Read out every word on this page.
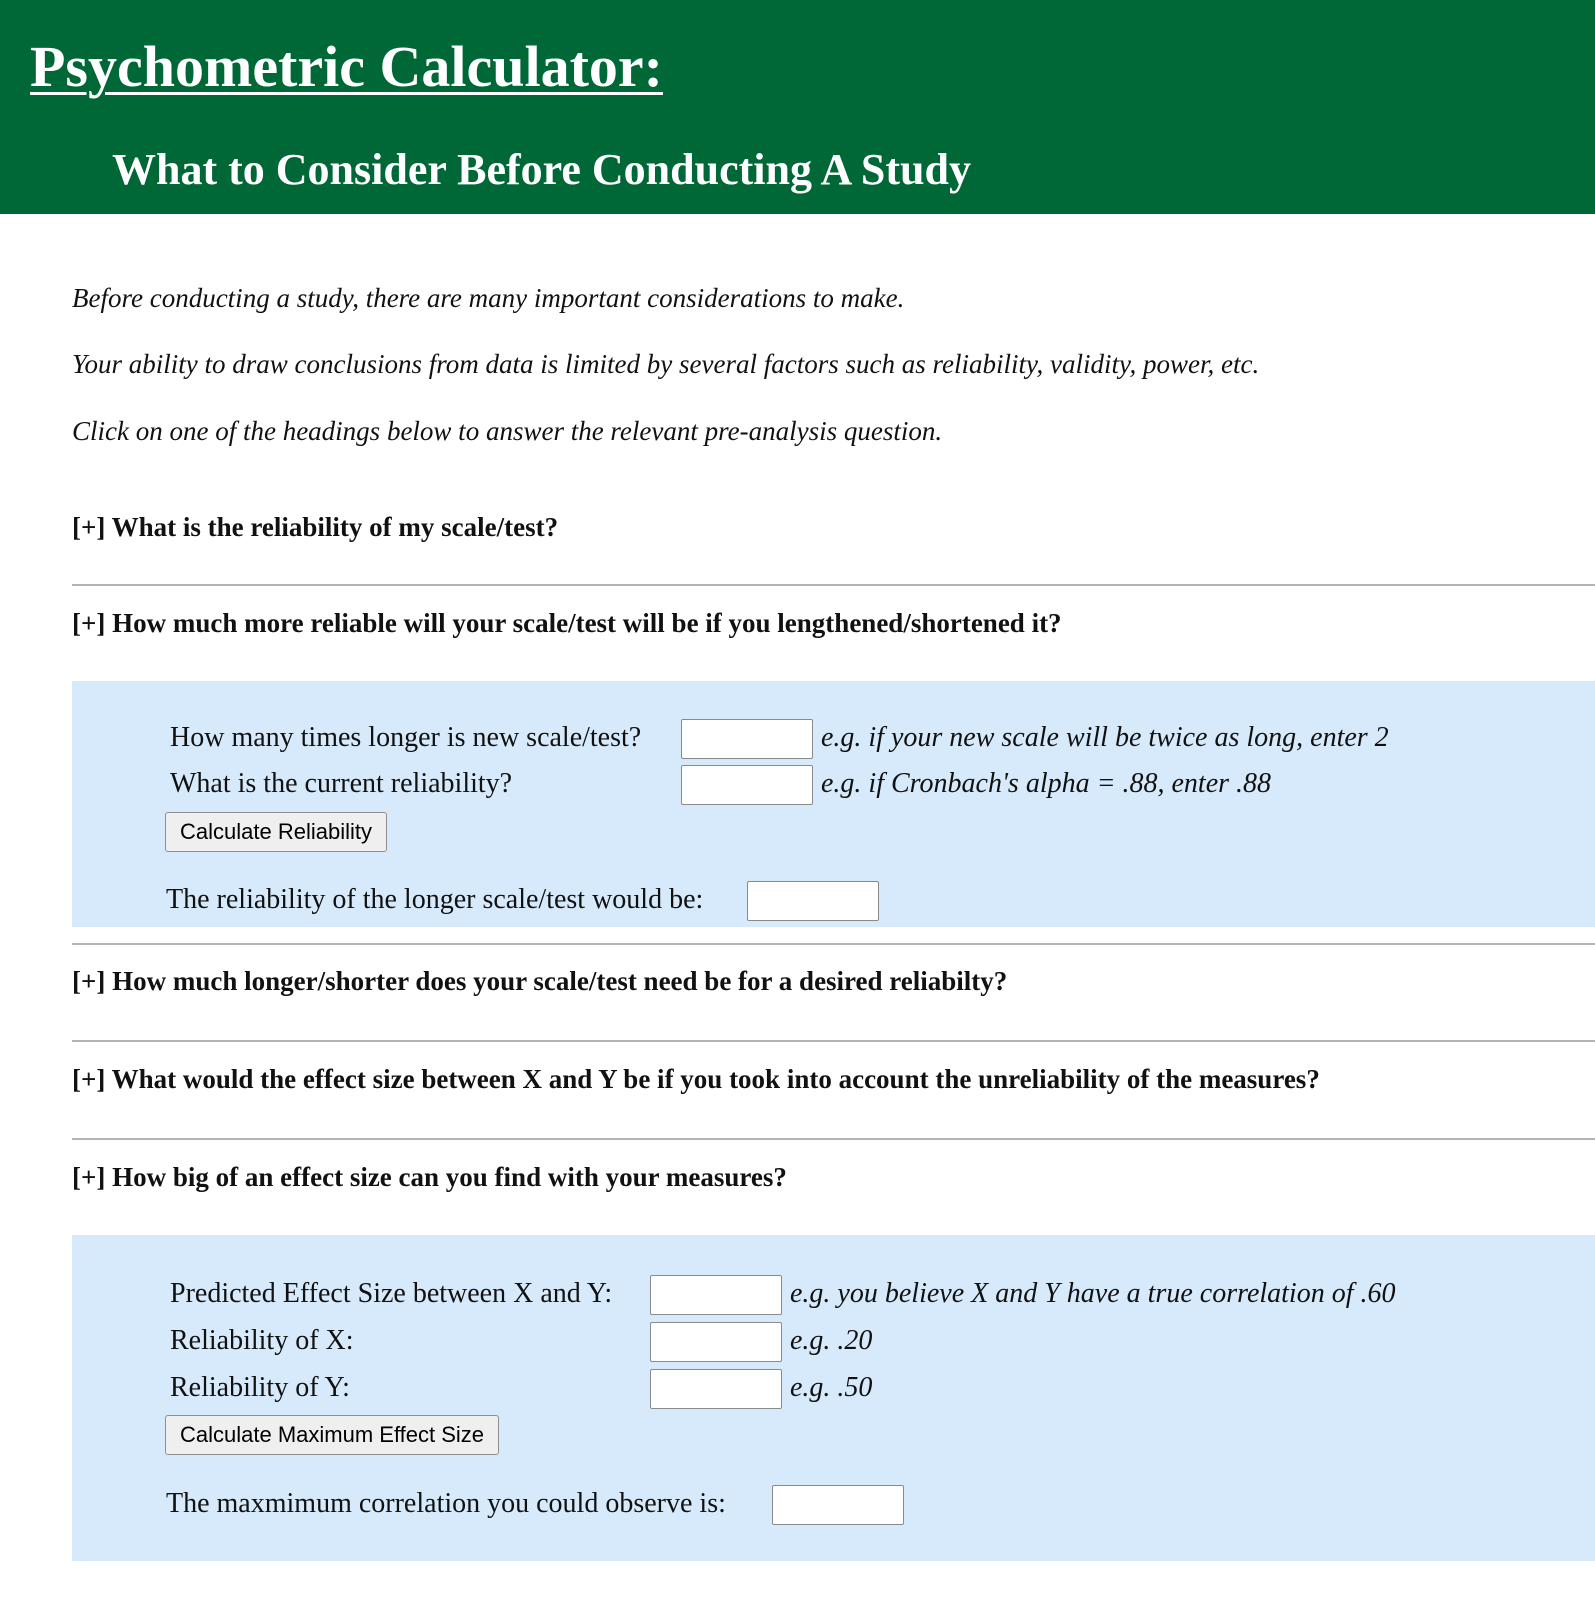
Psychometric Calculator:
What to Consider Before Conducting A Study

Before conducting a study, there are many important considerations to make.

Your ability to draw conclusions from data is limited by several factors such as reliability, validity, power, etc.

Click on one of the headings below to answer the relevant pre-analysis question.

[+] What is the reliability of my scale/test?

[+] How much more reliable will your scale/test will be if you lengthened/shortened it?

How many times longer is new scale/test?	e.g. if your new scale will be twice as long, enter 2

What is the current reliability?	e.g. if Cronbach's alpha = .88, enter .88

Calculate Reliability

The reliability of the longer scale/test would be:

[+] How much longer/shorter does your scale/test need be for a desired reliabilty?

[+] What would the effect size between X and Y be if you took into account the unreliability of the measures?

[+] How big of an effect size can you find with your measures?

Predicted Effect Size between X and Y:	e.g. you believe X and Y have a true correlation of .60

Reliability of X:	e.g. .20

Reliability of Y:	e.g. .50

Calculate Maximum Effect Size

The maxmimum correlation you could observe is:
